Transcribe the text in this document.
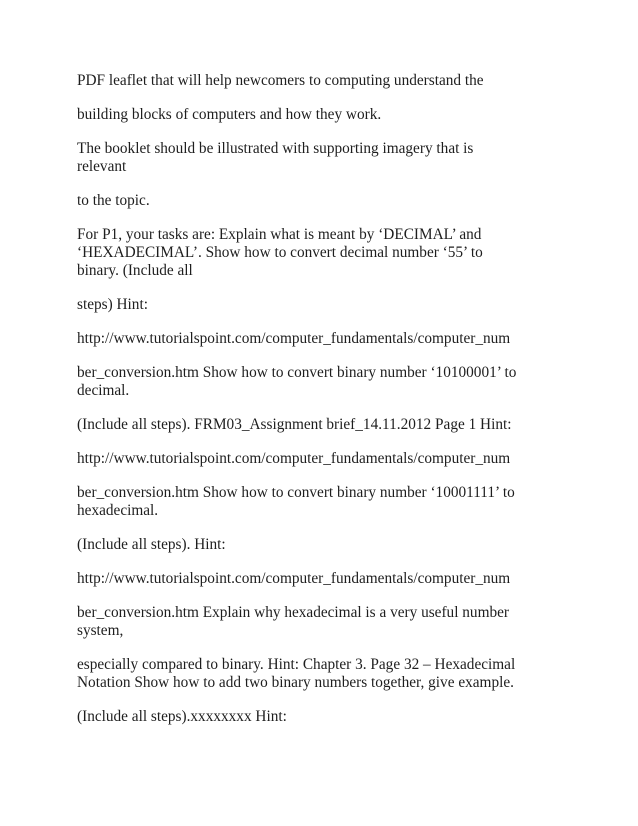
PDF leaflet that will help newcomers to computing understand the

building blocks of computers and how they work.

The booklet should be illustrated with supporting imagery that is
relevant

to the topic.

For P1, your tasks are: Explain what is meant by ‘DECIMAL’ and
‘HEXADECIMAL’. Show how to convert decimal number ‘55’ to
binary. (Include all

steps) Hint:

http://www.tutorialspoint.com/computer_fundamentals/computer_num

ber_conversion.htm Show how to convert binary number ‘10100001’ to
decimal.

(Include all steps). FRM03_Assignment brief_14.11.2012 Page 1 Hint:

http://www.tutorialspoint.com/computer_fundamentals/computer_num

ber_conversion.htm Show how to convert binary number ‘10001111’ to
hexadecimal.

(Include all steps). Hint:

http://www.tutorialspoint.com/computer_fundamentals/computer_num

ber_conversion.htm Explain why hexadecimal is a very useful number
system,

especially compared to binary. Hint: Chapter 3. Page 32 – Hexadecimal
Notation Show how to add two binary numbers together, give example.

(Include all steps).xxxxxxxx Hint:
